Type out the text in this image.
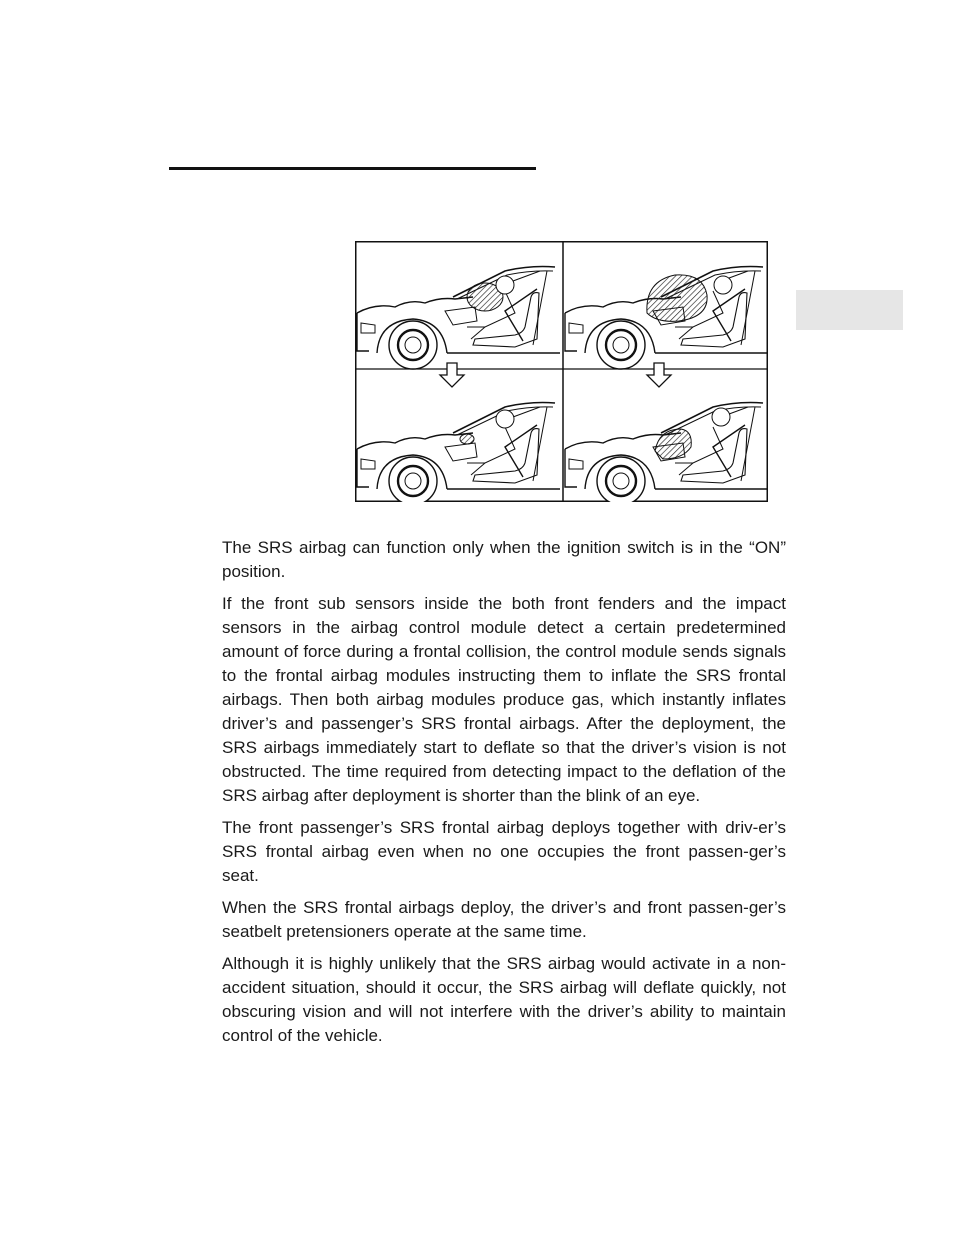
The SRS airbag can function only when the ignition switch is in the “ON” position.

If the front sub sensors inside the both front fenders and the impact sensors in the airbag control module detect a certain predetermined amount of force during a frontal collision, the control module sends signals to the frontal airbag modules instructing them to inflate the SRS frontal airbags. Then both airbag modules produce gas, which instantly inflates driver’s and passenger’s SRS frontal airbags. After the deployment, the SRS airbags immediately start to deflate so that the driver’s vision is not obstructed. The time required from detecting impact to the deflation of the SRS airbag after deployment is shorter than the blink of an eye.

The front passenger’s SRS frontal airbag deploys together with driv-er’s SRS frontal airbag even when no one occupies the front passen-ger’s seat.

When the SRS frontal airbags deploy, the driver’s and front passen-ger’s seatbelt pretensioners operate at the same time.

Although it is highly unlikely that the SRS airbag would activate in a non-accident situation, should it occur, the SRS airbag will deflate quickly, not obscuring vision and will not interfere with the driver’s ability to maintain control of the vehicle.
